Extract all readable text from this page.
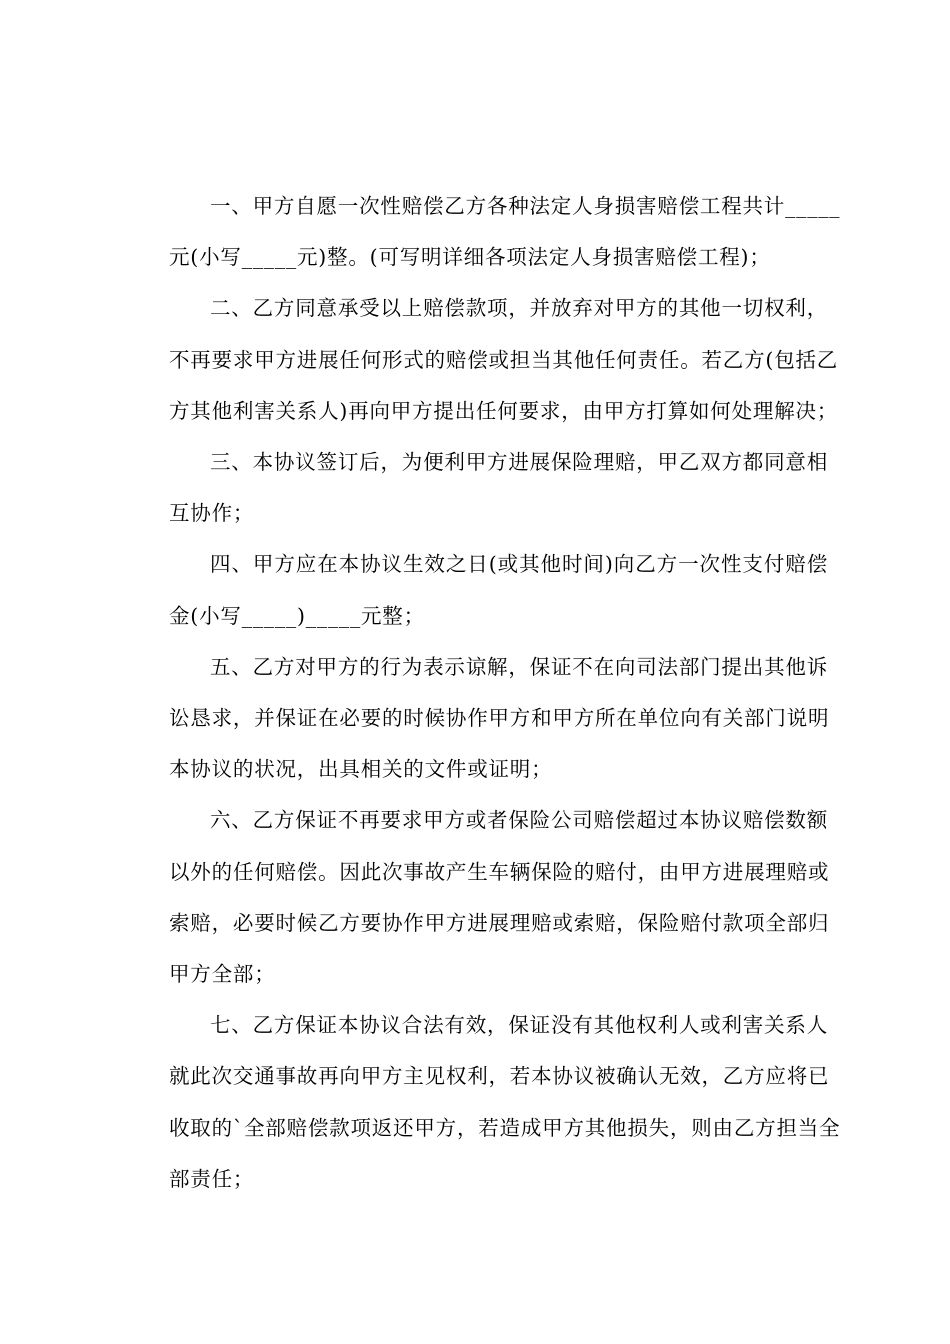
一、甲方自愿一次性赔偿乙方各种法定人身损害赔偿工程共计_____
元(小写_____元)整。(可写明详细各项法定人身损害赔偿工程)；
二、乙方同意承受以上赔偿款项，并放弃对甲方的其他一切权利，
不再要求甲方进展任何形式的赔偿或担当其他任何责任。若乙方(包括乙
方其他利害关系人)再向甲方提出任何要求，由甲方打算如何处理解决；
三、本协议签订后，为便利甲方进展保险理赔，甲乙双方都同意相
互协作；
四、甲方应在本协议生效之日(或其他时间)向乙方一次性支付赔偿
金(小写_____)_____元整；
五、乙方对甲方的行为表示谅解，保证不在向司法部门提出其他诉
讼恳求，并保证在必要的时候协作甲方和甲方所在单位向有关部门说明
本协议的状况，出具相关的文件或证明；
六、乙方保证不再要求甲方或者保险公司赔偿超过本协议赔偿数额
以外的任何赔偿。因此次事故产生车辆保险的赔付，由甲方进展理赔或
索赔，必要时候乙方要协作甲方进展理赔或索赔，保险赔付款项全部归
甲方全部；
七、乙方保证本协议合法有效，保证没有其他权利人或利害关系人
就此次交通事故再向甲方主见权利，若本协议被确认无效，乙方应将已
收取的`全部赔偿款项返还甲方，若造成甲方其他损失，则由乙方担当全
部责任；
